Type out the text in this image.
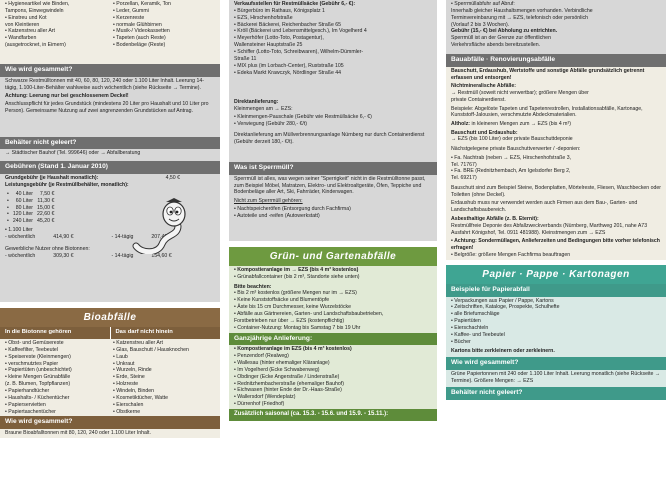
• Hygieneartikel wie Binden,
Tampons, Einwegwindeln
• Einstreu und Kot
von Kleintieren
• Katzenstreu aller Art
• Wandfarben
(ausgetrocknet, in Eimern)
• Porzellan, Keramik, Ton
• Leder, Gummi
• Kerzenreste
• normale Glühbirnen
• Musik-/ Videokassetten
• Tapeten (auch Reste)
• Bodenbeläge (Reste)
Wie wird gesammelt?

Schwarze Restmülltonnen mit 40, 60, 80, 120, 240 oder 1.100 Liter Inhalt. Leerung 14-tägig, 1.100-Liter-Behälter wahlweise auch wöchentlich (siehe Rückseite → Termine).

Achtung: Leerung nur bei geschlossenem Deckel!

Anschlusspflicht für jedes Grundstück (mindestens 20 Liter pro Haushalt und 10 Liter pro Person). Gemeinsame Nutzung auf zwei angrenzenden Grundstücken auf Antrag.

Behälter nicht geleert?

→ Städtischer Bauhof (Tel. 999646) oder → Abfallberatung

Gebühren (Stand 1. Januar 2010)
Grundgebühr (je Haushalt monatlich):	4,50 €
Leistungsgebühr (je Restmüllbehälter, monatlich):
•	40 Liter	7,50 €
•	60 Liter	11,30 €
•	80 Liter	15,00 €
•	120 Liter	22,60 €
•	240 Liter	45,20 €
• 1.100 Liter
- wöchentlich	414,90 €	- 14-tägig	207,40 €
Gewerbliche Nutzer ohne Biotonnen:
- wöchentlich	309,30 €	- 14-tägig	154,60 €
Bioabfälle
In die Biotonne gehören	Das darf nicht hinein
• Obst- und Gemüsereste
• Kaffeefilter, Teebeutel
• Speisereste (Kleinmengen)
• verschmutztes Papier
• Papiertüten (unbeschichtet)
• kleine Mengen Grünabfälle
(z. B. Blumen, Topfpflanzen)
• Papierhandtücher
• Haushalts- / Küchentücher
• Papierservietten
• Papiertaschentücher
• Katzenstreu aller Art
• Glas, Bauschutt / Hausknochen
• Laub
• Unkraut
• Wurzeln, Rinde
• Erde, Steine
• Holzreste
• Windeln, Binden
• Kosmetiktücher, Watte
• Eierschalen
• Obstkerne
Wie wird gesammelt?
Braune Bioabfalltonnen mit 80, 120, 240 oder 1.100 Liter Inhalt.
Verkaufsstellen für Restmüllsäcke (Gebühr 6,- €):
• Bürgerbüro im Rathaus, Königsplatz 1
• EZS, Hirschenhofstraße
• Bäckerei Bäckerei, Reichenbacher Straße 65
• Kröll (Bäckerei und Lebensmittelgesch.), Im Vogelherd 4
• Meyerhöfer (Lotto-Toto, Postagentur),
Wallensteiner Hauptstraße 25
• Schiffer (Lotto-Toto, Schreibwaren), Wilhelm-Dümmler-
Straße 11
• MIX plus (im Lorbach-Center), Ruststraße 105
• Edeka Markt Krawczyk, Nördlinger Straße 44
Direktanlieferung:

Kleinmengen am → EZS:

• Kleinmengen-Pauschale (Gebühr wie Restmüllsäcke 6,- €)
• Verwiegung (Gebühr 280,- €/t)

Direktanlieferung am Müllverbrennungsanlage Nürnberg nur durch Containerdienst (Gebühr derzeit 180,- €/t).

Was ist Sperrmüll?

Sperrmüll ist alles, was wegen seiner "Sperrigkeit" nicht in die Restmülltonne passt, zum Beispiel Möbel, Matratzen, Elektro- und Elektroaltgeräte, Öfen, Teppiche und Bodenbeläge aller Art, Ski, Fahrräder, Kinderwagen.

Nicht zum Sperrmüll gehören:

• Nachtspeicheröfen (Entsorgung durch Fachfirma)
• Autoteile und -reifen (Autowerkstatt)
Grün- und Gartenabfälle
• Kompostieranlage im → EZS (bis 4 m³ kostenlos)
• Grünabfallcontainer (bis 2 m³, Standorte siehe unten)
Bitte beachten:
• Bis 2 m³ kostenlos (größere Mengen nur im → EZS)
• Keine Kunststoffsäcke und Blumentöpfe
• Äste bis 15 cm Durchmesser, keine Wurzelstöcke
• Abfälle aus Gärtnereien, Garten- und Landschaftsbaubetrieben,
Forstbetrieben nur über → EZS (kostenpflichtig)
• Container-Nutzung: Montag bis Samstag 7 bis 19 Uhr
Ganzjährige Anlieferung:
• Kompostieranlage im EZS (bis 4 m³ kostenlos)
• Penzendorf (Realweg)
• Wallesau (hinter ehemaliger Kläranlage)
• Im Vogelherd (Ecke Schwabenweg)
• Obdinger (Ecke Angerstraße / Lindenstraße)
• Rednitzhembacherstraße (ehemaliger Bauhof)
• Eichwasen (hinter Ende der Dr.-Haas-Straße)
• Wallersdorf (Wendeplatz)
• Dürrenhof (Friedhof)
Zusätzlich saisonal (ca. 15.3. - 15.6. und 15.9. - 15.11.):
• Sperrmüllabfuhr auf Abruf:
Innerhalb gleicher Haushaltsmengen vorhanden. Verbindliche
Terminvereinbarung mit → EZS, telefonisch oder persönlich
(Vorlauf 2 bis 3 Wochen).
Gebühr (15,- €) bei Abholung zu entrichten.
Sperrmüll ist an der Grenze zur öffentlichen
Verkehrsfläche abends bereitzustellen.
Bauabfälle · Renovierungsabfälle

Bauschutt, Erdaushub, Wertstoffe und sonstige Abfälle grundsätzlich getrennt erfassen und entsorgen!

Nichtmineralische Abfälle:
→ Restmüll (soweit nicht verwertbar); größere Mengen über
private Containerdienst.

Beispiele: Abgelöste Tapeten und Tapetenrestrollen, Installationsabfälle, Kartonage, Kunststoff-Jalousien, verschmutzte Abdeckmaterialien.

Altholz: in kleineren Mengen zum → EZS (bis 4 m³)
Bauschutt und Erdaushub:
→ EZS (bis 100 Liter) oder private Bauschuttdeponie

Nächstgelegene private Bauschuttverwerter / -deponien:

• Fa. Nachtrab (neben → EZS, Hirschenhofstraße 3,
Tel. 71767)
• Fa. BRE (Rednitzhembach, Am Igelsdorfer Berg 2,
Tel. 69217)

Bauschutt sind zum Beispiel Steine, Bodenplatten, Mörtelreste, Fliesen, Waschbecken oder Toiletten (ohne Deckel).

Erdaushub muss nur verwendet werden auch Firmen aus dem Bau-, Garten- und Landschaftsbaubereich.

Asbesthaltige Abfälle (z. B. Eternit):

Restmüllfreie Deponie des Abfallzweckverbands (Nürnberg, Marthweg 201, nahe A73 Ausfahrt Königshof, Tel. 0911 481988). Kleinstmengen zum → EZS

• Achtung: Sondermüllagen, Anlieferzeiten und Bedingungen bitte vorher telefonisch erfragen!
• Belgröße: größere Mengen Fachfirma beauftragen
Papier · Pappe · Kartonagen
Beispiele für Papierabfall
• Verpackungen aus Papier / Pappe, Kartons
• Zeitschriften, Kataloge, Prospekte, Schulhefte
• alle Briefumschläge
• Papiertüten
• Eierschachteln
• Kaffee- und Teebeutel
• Bücher

Kartons bitte zerkleinern oder zerkleinern.

Wie wird gesammelt?

Grüne Papiertonnen mit 240 oder 1.100 Liter Inhalt. Leerung monatlich (siehe Rückseite → Termine). Größere Mengen: → EZS

Behälter nicht geleert?
